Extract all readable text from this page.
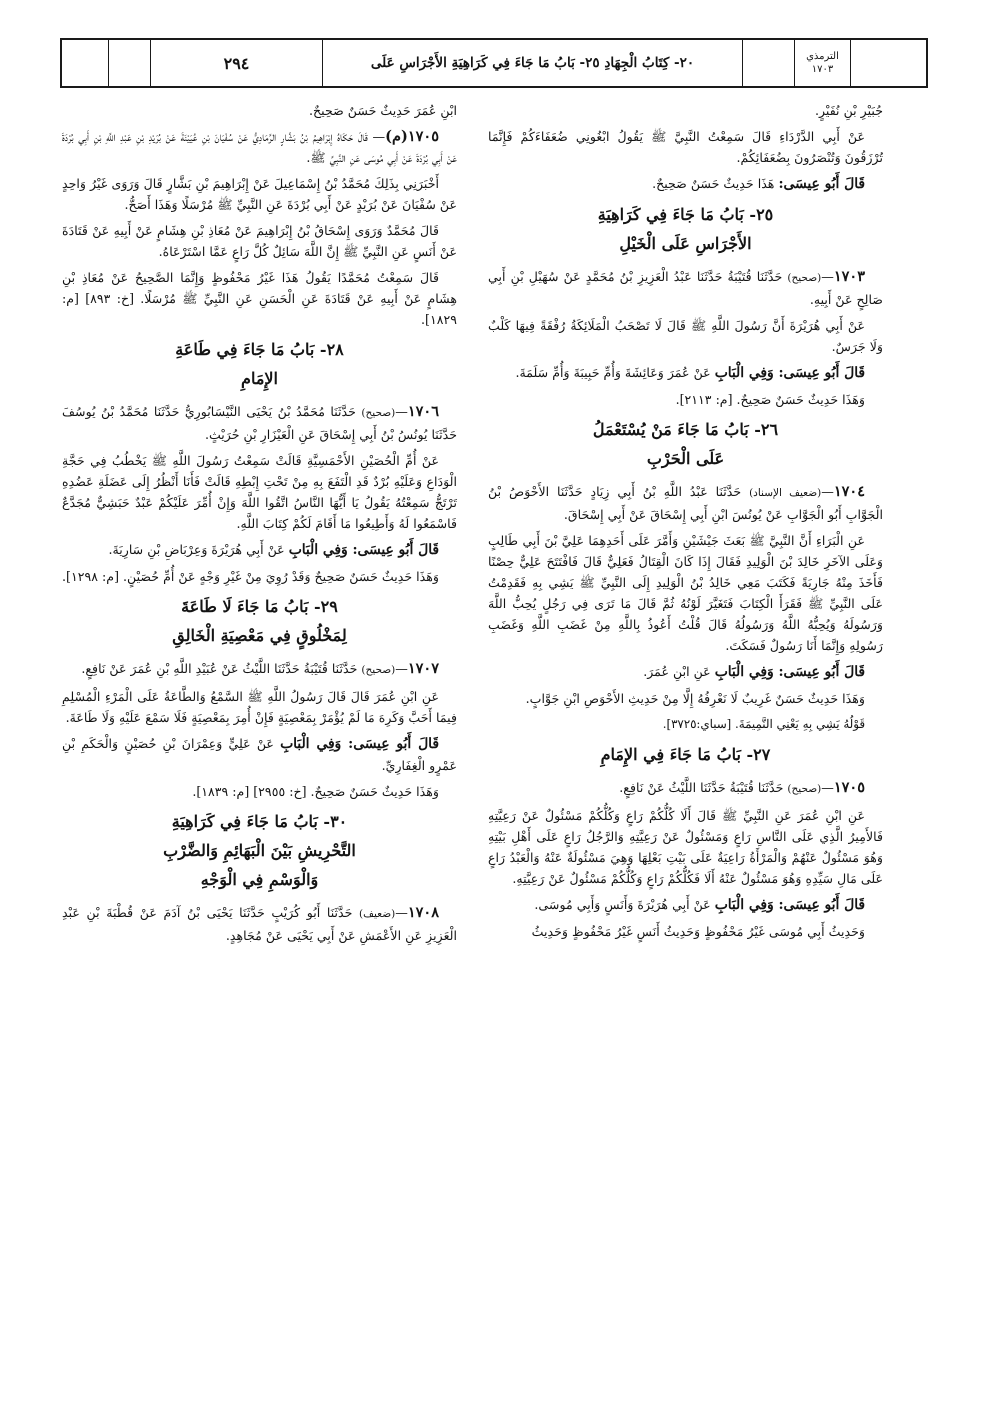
٢٩٤	٢٠- كِتَابُ الْجِهَادِ ٢٥- بَابُ مَا جَاءَ فِي كَرَاهِيَةِ الأَجْرَاسِ عَلَى	الترمذي
١٧٠٣

جُبَيْرِ بْنِ نُفَيْرٍ.

عَنْ أَبِي الدَّرْدَاءِ قَالَ سَمِعْتُ النَّبِيَّ ﷺ يَقُولُ ابْغُونِي ضُعَفَاءَكُمْ فَإِنَّمَا تُرْزَقُونَ وَتُنْصَرُونَ بِضُعَفَائِكُمْ.

قَالَ أَبُو عِيسَى: هَذَا حَدِيثٌ حَسَنٌ صَحِيحٌ.

٢٥- بَابُ مَا جَاءَ فِي كَرَاهِيَةِ
الأَجْرَاسِ عَلَى الْخَيْلِ

١٧٠٣—(صحيح) حَدَّثَنَا قُتَيْبَةُ حَدَّثَنَا عَبْدُ الْعَزِيزِ بْنُ مُحَمَّدٍ عَنْ سُهَيْلِ بْنِ أَبِي صَالِحٍ عَنْ أَبِيهِ.

عَنْ أَبِي هُرَيْرَةَ أَنَّ رَسُولَ اللَّهِ ﷺ قَالَ لَا تَصْحَبُ الْمَلَائِكَةُ رُفْقَةً فِيهَا كَلْبٌ وَلَا جَرَسٌ.

قَالَ أَبُو عِيسَى: وَفِي الْبَابِ عَنْ عُمَرَ وَعَائِشَةَ وَأُمِّ حَبِيبَةَ وَأُمِّ سَلَمَةَ.

وَهَذَا حَدِيثٌ حَسَنٌ صَحِيحٌ. [م: ٢١١٣].

٢٦- بَابُ مَا جَاءَ مَنْ يُسْتَعْمَلُ
عَلَى الْحَرْبِ

١٧٠٤—(ضعيف الإسناد) حَدَّثَنَا عَبْدُ اللَّهِ بْنُ أَبِي زِيَادٍ حَدَّثَنَا الأَحْوَصُ بْنُ الْجَوَّابِ أَبُو الْجَوَّابِ عَنْ يُونُسَ ابْنِ أَبِي إِسْحَاقَ عَنْ أَبِي إِسْحَاقَ.

عَنِ الْبَرَاءِ أَنَّ النَّبِيَّ ﷺ بَعَثَ جَيْشَيْنِ وَأَمَّرَ عَلَى أَحَدِهِمَا عَلِيَّ بْنَ أَبِي طَالِبٍ وَعَلَى الآخَرِ خَالِدَ بْنَ الْوَلِيدِ فَقَالَ إِذَا كَانَ الْقِتَالُ فَعَلِيٌّ قَالَ فَافْتَتَحَ عَلِيٌّ حِصْنًا فَأَخَذَ مِنْهُ جَارِيَةً فَكَتَبَ مَعِي خَالِدُ بْنُ الْوَلِيدِ إِلَى النَّبِيِّ ﷺ يَشِي بِهِ فَقَدِمْتُ عَلَى النَّبِيِّ ﷺ فَقَرَأَ الْكِتَابَ فَتَغَيَّرَ لَوْنُهُ ثُمَّ قَالَ مَا تَرَى فِي رَجُلٍ يُحِبُّ اللَّهَ وَرَسُولَهُ وَيُحِبُّهُ اللَّهُ وَرَسُولُهُ قَالَ قُلْتُ أَعُوذُ بِاللَّهِ مِنْ غَضَبِ اللَّهِ وَغَضَبِ رَسُولِهِ وَإِنَّمَا أَنَا رَسُولٌ فَسَكَتَ.

قَالَ أَبُو عِيسَى: وَفِي الْبَابِ عَنِ ابْنِ عُمَرَ.

وَهَذَا حَدِيثٌ حَسَنٌ غَرِيبٌ لَا نَعْرِفُهُ إِلَّا مِنْ حَدِيثِ الأَحْوَصِ ابْنِ جَوَّابٍ.

قَوْلُهُ يَشِي بِهِ يَعْنِي النَّمِيمَةَ. [سباي:٣٧٢٥].

٢٧- بَابُ مَا جَاءَ فِي الإِمَامِ

١٧٠٥—(صحيح) حَدَّثَنَا قُتَيْبَةُ حَدَّثَنَا اللَّيْثُ عَنْ نَافِعٍ.

عَنِ ابْنِ عُمَرَ عَنِ النَّبِيِّ ﷺ قَالَ أَلَا كُلُّكُمْ رَاعٍ وَكُلُّكُمْ مَسْئُولٌ عَنْ رَعِيَّتِهِ فَالأَمِيرُ الَّذِي عَلَى النَّاسِ رَاعٍ وَمَسْئُولٌ عَنْ رَعِيَّتِهِ وَالرَّجُلُ رَاعٍ عَلَى أَهْلِ بَيْتِهِ وَهُوَ مَسْئُولٌ عَنْهُمْ وَالْمَرْأَةُ رَاعِيَةٌ عَلَى بَيْتِ بَعْلِهَا وَهِيَ مَسْئُولَةٌ عَنْهُ وَالْعَبْدُ رَاعٍ عَلَى مَالِ سَيِّدِهِ وَهُوَ مَسْئُولٌ عَنْهُ أَلَا فَكُلُّكُمْ رَاعٍ وَكُلُّكُمْ مَسْئُولٌ عَنْ رَعِيَّتِهِ.

قَالَ أَبُو عِيسَى: وَفِي الْبَابِ عَنْ أَبِي هُرَيْرَةَ وَأَنَسٍ وَأَبِي مُوسَى.

وَحَدِيثُ أَبِي مُوسَى غَيْرُ مَحْفُوظٍ وَحَدِيثُ أَنَسٍ غَيْرُ مَحْفُوظٍ وَحَدِيثُ

ابْنِ عُمَرَ حَدِيثٌ حَسَنٌ صَحِيحٌ.

١٧٠٥(م)— قَالَ حَكَاهُ إِبْرَاهِيمُ بْنُ بَشَّارٍ الرَّمَادِيُّ عَنْ سُفْيَانَ بْنِ عُيَيْنَةَ عَنْ بُرَيْدِ بْنِ عَبْدِ اللَّهِ بْنِ أَبِي بُرْدَةَ عَنْ أَبِي بُرْدَةَ عَنْ أَبِي مُوسَى عَنِ النَّبِيِّ ﷺ.

أَخْبَرَنِي بِذَلِكَ مُحَمَّدُ بْنُ إِسْمَاعِيلَ عَنْ إِبْرَاهِيمَ بْنِ بَشَّارٍ قَالَ وَرَوَى غَيْرُ وَاحِدٍ عَنْ سُفْيَانَ عَنْ بُرَيْدٍ عَنْ أَبِي بُرْدَةَ عَنِ النَّبِيِّ ﷺ مُرْسَلًا وَهَذَا أَصَحُّ.

قَالَ مُحَمَّدٌ وَرَوَى إِسْحَاقُ بْنُ إِبْرَاهِيمَ عَنْ مُعَاذِ بْنِ هِشَامٍ عَنْ أَبِيهِ عَنْ قَتَادَةَ عَنْ أَنَسٍ عَنِ النَّبِيِّ ﷺ إِنَّ اللَّهَ سَائِلٌ كُلَّ رَاعٍ عَمَّا اسْتَرْعَاهُ.

قَالَ سَمِعْتُ مُحَمَّدًا يَقُولُ هَذَا غَيْرُ مَحْفُوظٍ وَإِنَّمَا الصَّحِيحُ عَنْ مُعَاذِ بْنِ هِشَامٍ عَنْ أَبِيهِ عَنْ قَتَادَةَ عَنِ الْحَسَنِ عَنِ النَّبِيِّ ﷺ مُرْسَلًا. [خ: ٨٩٣] [م: ١٨٢٩].

٢٨- بَابُ مَا جَاءَ فِي طَاعَةِ
الإِمَامِ

١٧٠٦—(صحيح) حَدَّثَنَا مُحَمَّدُ بْنُ يَحْيَى النَّيْسَابُورِيُّ حَدَّثَنَا مُحَمَّدُ بْنُ يُوسُفَ حَدَّثَنَا يُونُسُ بْنُ أَبِي إِسْحَاقَ عَنِ الْعَيْزَارِ بْنِ حُرَيْثٍ.

عَنْ أُمِّ الْحُصَيْنِ الأَحْمَسِيَّةِ قَالَتْ سَمِعْتُ رَسُولَ اللَّهِ ﷺ يَخْطُبُ فِي حَجَّةِ الْوَدَاعِ وَعَلَيْهِ بُرْدٌ قَدِ الْتَفَعَ بِهِ مِنْ تَحْتِ إِبْطِهِ قَالَتْ فَأَنَا أَنْظُرُ إِلَى عَضَلَةِ عَضُدِهِ تَرْتَجُّ سَمِعْتُهُ يَقُولُ يَا أَيُّهَا النَّاسُ اتَّقُوا اللَّهَ وَإِنْ أُمِّرَ عَلَيْكُمْ عَبْدٌ حَبَشِيٌّ مُجَدَّعٌ فَاسْمَعُوا لَهُ وَأَطِيعُوا مَا أَقَامَ لَكُمْ كِتَابَ اللَّهِ.

قَالَ أَبُو عِيسَى: وَفِي الْبَابِ عَنْ أَبِي هُرَيْرَةَ وَعِرْبَاضِ بْنِ سَارِيَةَ.

وَهَذَا حَدِيثٌ حَسَنٌ صَحِيحٌ وَقَدْ رُوِيَ مِنْ غَيْرِ وَجْهٍ عَنْ أُمِّ حُصَيْنٍ. [م: ١٢٩٨].

٢٩- بَابُ مَا جَاءَ لَا طَاعَةَ
لِمَخْلُوقٍ فِي مَعْصِيَةِ الْخَالِقِ

١٧٠٧—(صحيح) حَدَّثَنَا قُتَيْبَةُ حَدَّثَنَا اللَّيْثُ عَنْ عُبَيْدِ اللَّهِ بْنِ عُمَرَ عَنْ نَافِعٍ.

عَنِ ابْنِ عُمَرَ قَالَ قَالَ رَسُولُ اللَّهِ ﷺ السَّمْعُ وَالطَّاعَةُ عَلَى الْمَرْءِ الْمُسْلِمِ فِيمَا أَحَبَّ وَكَرِهَ مَا لَمْ يُؤْمَرْ بِمَعْصِيَةٍ فَإِنْ أُمِرَ بِمَعْصِيَةٍ فَلَا سَمْعَ عَلَيْهِ وَلَا طَاعَةَ.

قَالَ أَبُو عِيسَى: وَفِي الْبَابِ عَنْ عَلِيٍّ وَعِمْرَانَ بْنِ حُصَيْنٍ وَالْحَكَمِ بْنِ عَمْرٍو الْغِفَارِيِّ.

وَهَذَا حَدِيثٌ حَسَنٌ صَحِيحٌ. [خ: ٢٩٥٥] [م: ١٨٣٩].

٣٠- بَابُ مَا جَاءَ فِي كَرَاهِيَةِ
التَّحْرِيشِ بَيْنَ الْبَهَائِمِ وَالضَّرْبِ
وَالْوَسْمِ فِي الْوَجْهِ

١٧٠٨—(ضعيف) حَدَّثَنَا أَبُو كُرَيْبٍ حَدَّثَنَا يَحْيَى بْنُ آدَمَ عَنْ قُطْبَةَ بْنِ عَبْدِ الْعَزِيزِ عَنِ الأَعْمَشِ عَنْ أَبِي يَحْيَى عَنْ مُجَاهِدٍ.
